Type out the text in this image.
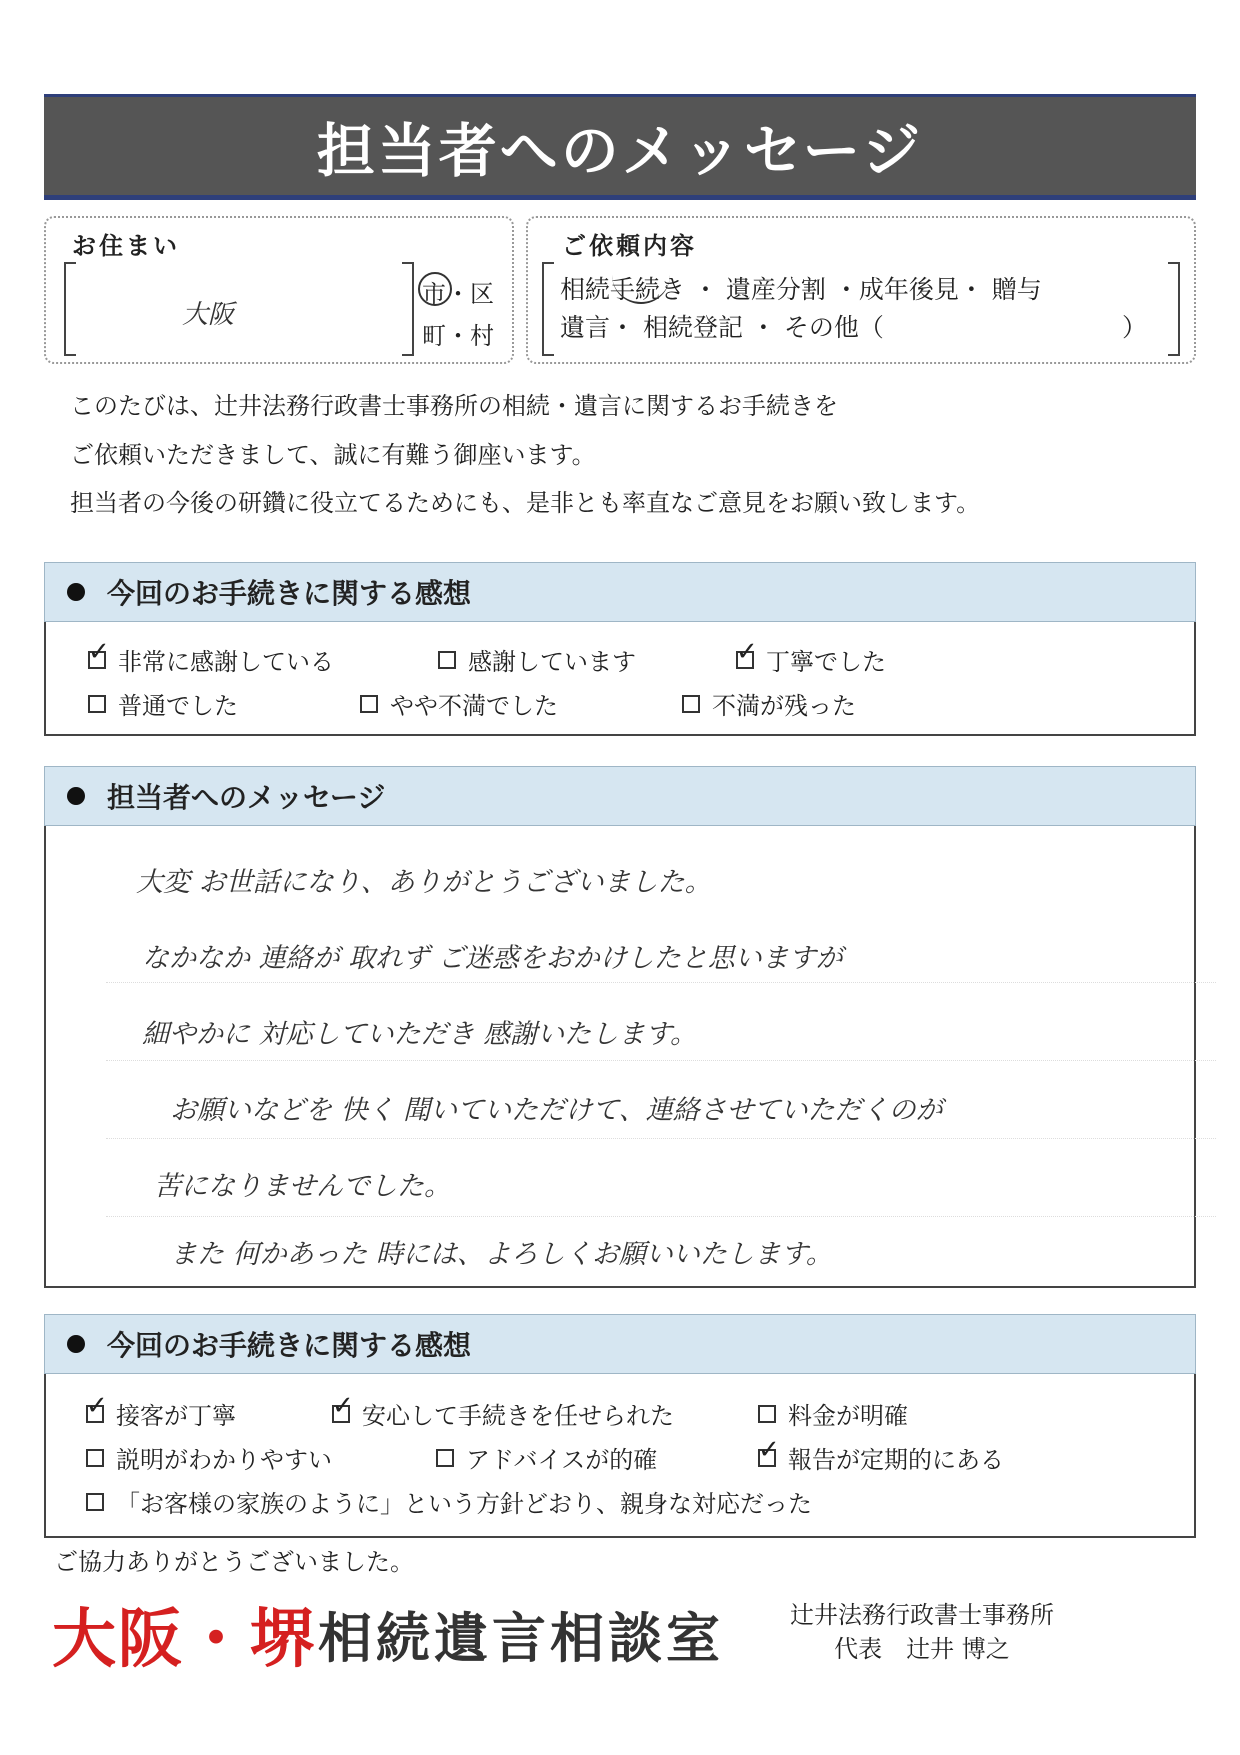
担当者へのメッセージ
お住まい
大阪
市・区
町・村
ご依頼内容
相続手続き ・ 遺産分割 ・成年後見・ 贈与
遺言・ 相続登記 ・ その他（	）
このたびは、辻井法務行政書士事務所の相続・遺言に関するお手続きを
ご依頼いただきまして、誠に有難う御座います。
担当者の今後の研鑽に役立てるためにも、是非とも率直なご意見をお願い致します。
今回のお手続きに関する感想
✓ 非常に感謝している	感謝しています	✓ 丁寧でした
普通でした	やや不満でした	不満が残った
担当者へのメッセージ
大変 お世話になり、ありがとうございました。
なかなか 連絡が 取れず ご迷惑をおかけしたと思いますが
細やかに 対応していただき 感謝いたします。
お願いなどを 快く 聞いていただけて、連絡させていただくのが
苦になりませんでした。
また 何かあった 時には、よろしくお願いいたします。
今回のお手続きに関する感想
✓ 接客が丁寧	✓ 安心して手続きを任せられた	料金が明確
説明がわかりやすい	アドバイスが的確	✓ 報告が定期的にある
「お客様の家族のように」という方針どおり、親身な対応だった
ご協力ありがとうございました。
大阪・堺 相続遺言相談室	辻井法務行政書士事務所
代表　辻井 博之
